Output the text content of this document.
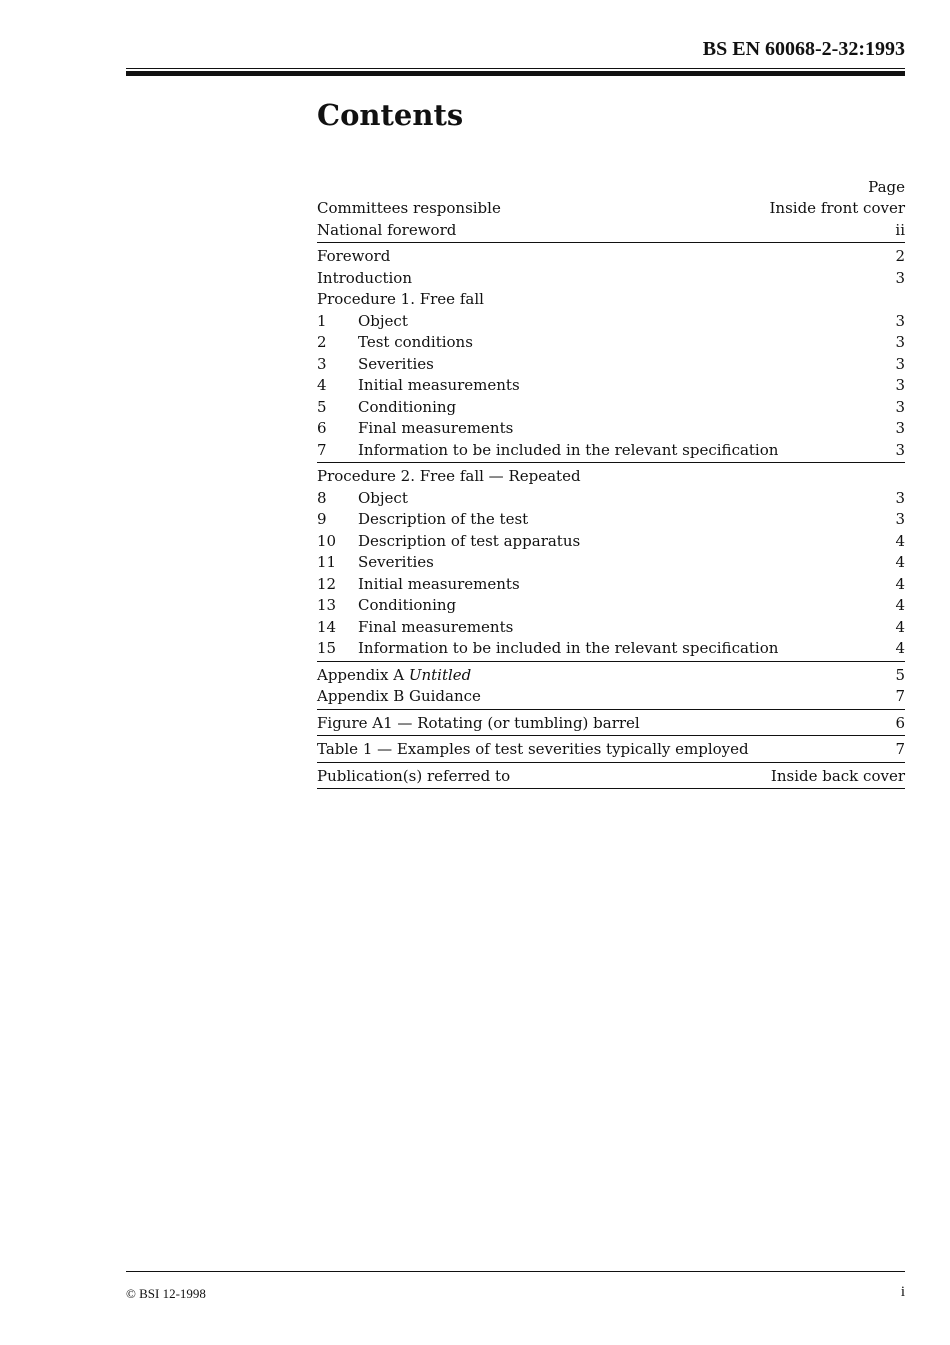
BS EN 60068-2-32:1993
Contents
Page
Committees responsible	Inside front cover
National foreword	ii
Foreword	2
Introduction	3
Procedure 1. Free fall
1	Object	3
2	Test conditions	3
3	Severities	3
4	Initial measurements	3
5	Conditioning	3
6	Final measurements	3
7	Information to be included in the relevant specification	3
Procedure 2. Free fall — Repeated
8	Object	3
9	Description of the test	3
10	Description of test apparatus	4
11	Severities	4
12	Initial measurements	4
13	Conditioning	4
14	Final measurements	4
15	Information to be included in the relevant specification	4
Appendix A Untitled	5
Appendix B Guidance	7
Figure A1 — Rotating (or tumbling) barrel	6
Table 1 — Examples of test severities typically employed	7
Publication(s) referred to	Inside back cover
© BSI 12-1998	i
